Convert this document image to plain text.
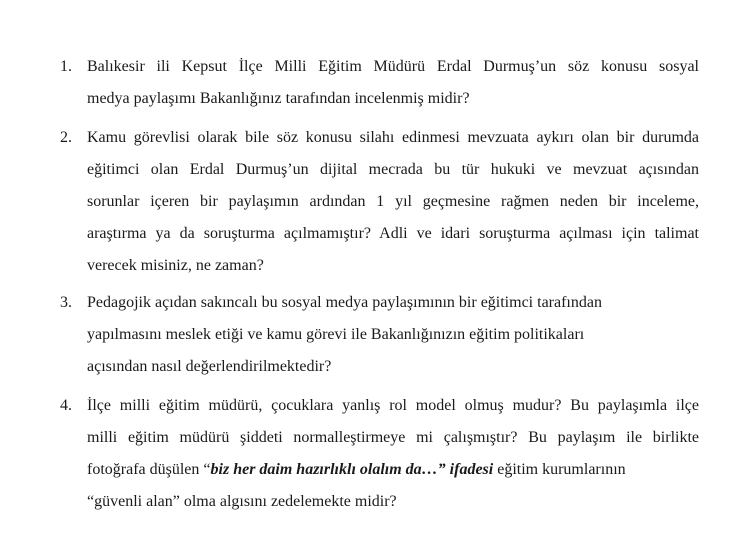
1. Balıkesir ili Kepsut İlçe Milli Eğitim Müdürü Erdal Durmuş’un söz konusu sosyal
medya paylaşımı Bakanlığınız tarafından incelenmiş midir?
2. Kamu görevlisi olarak bile söz konusu silahı edinmesi mevzuata aykırı olan bir durumda
eğitimci olan Erdal Durmuş’un dijital mecrada bu tür hukuki ve mevzuat açısından
sorunlar içeren bir paylaşımın ardından 1 yıl geçmesine rağmen neden bir inceleme,
araştırma ya da soruşturma açılmamıştır? Adli ve idari soruşturma açılması için talimat
verecek misiniz, ne zaman?
3. Pedagojik açıdan sakıncalı bu sosyal medya paylaşımının bir eğitimci tarafından
yapılmasını meslek etiği ve kamu görevi ile Bakanlığınızın eğitim politikaları
açısından nasıl değerlendirilmektedir?
4. İlçe milli eğitim müdürü, çocuklara yanlış rol model olmuş mudur? Bu paylaşımla ilçe
milli eğitim müdürü şiddeti normalleştirmeye mi çalışmıştır? Bu paylaşım ile birlikte
fotoğrafa düşülen “biz her daim hazırlıklı olalım da…” ifadesi eğitim kurumlarının
“güvenli alan” olma algısını zedelemekte midir?
